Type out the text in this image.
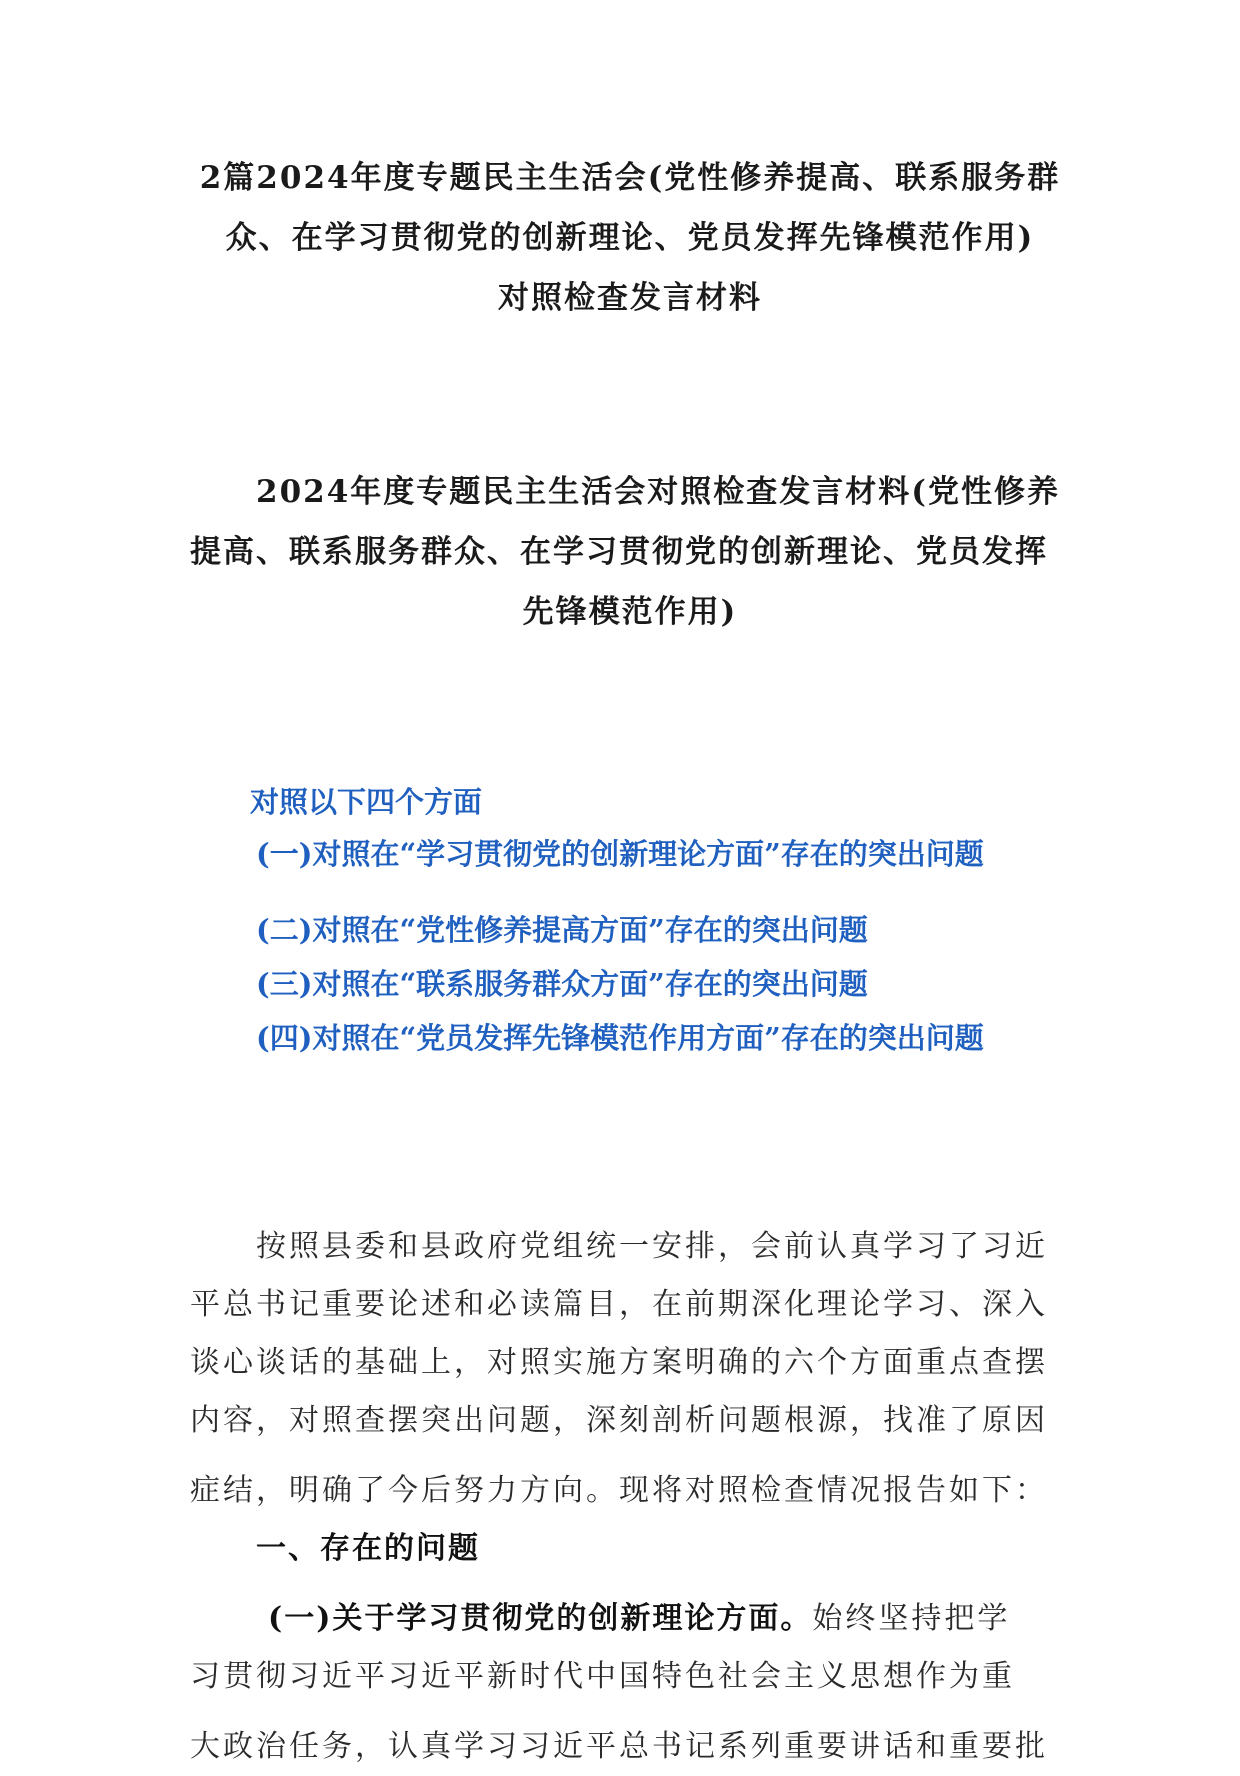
2篇2024年度专题民主生活会(党性修养提高、联系服务群
众、在学习贯彻党的创新理论、党员发挥先锋模范作用)
对照检查发言材料
2024年度专题民主生活会对照检查发言材料(党性修养
提高、联系服务群众、在学习贯彻党的创新理论、党员发挥
先锋模范作用)
对照以下四个方面
(一)对照在“学习贯彻党的创新理论方面”存在的突出问题
(二)对照在“党性修养提高方面”存在的突出问题
(三)对照在“联系服务群众方面”存在的突出问题
(四)对照在“党员发挥先锋模范作用方面”存在的突出问题
按照县委和县政府党组统一安排，会前认真学习了习近
平总书记重要论述和必读篇目，在前期深化理论学习、深入
谈心谈话的基础上，对照实施方案明确的六个方面重点查摆
内容，对照查摆突出问题，深刻剖析问题根源，找准了原因
症结，明确了今后努力方向。现将对照检查情况报告如下：
一、存在的问题
(一)关于学习贯彻党的创新理论方面。始终坚持把学
习贯彻习近平习近平新时代中国特色社会主义思想作为重
大政治任务，认真学习习近平总书记系列重要讲话和重要批
